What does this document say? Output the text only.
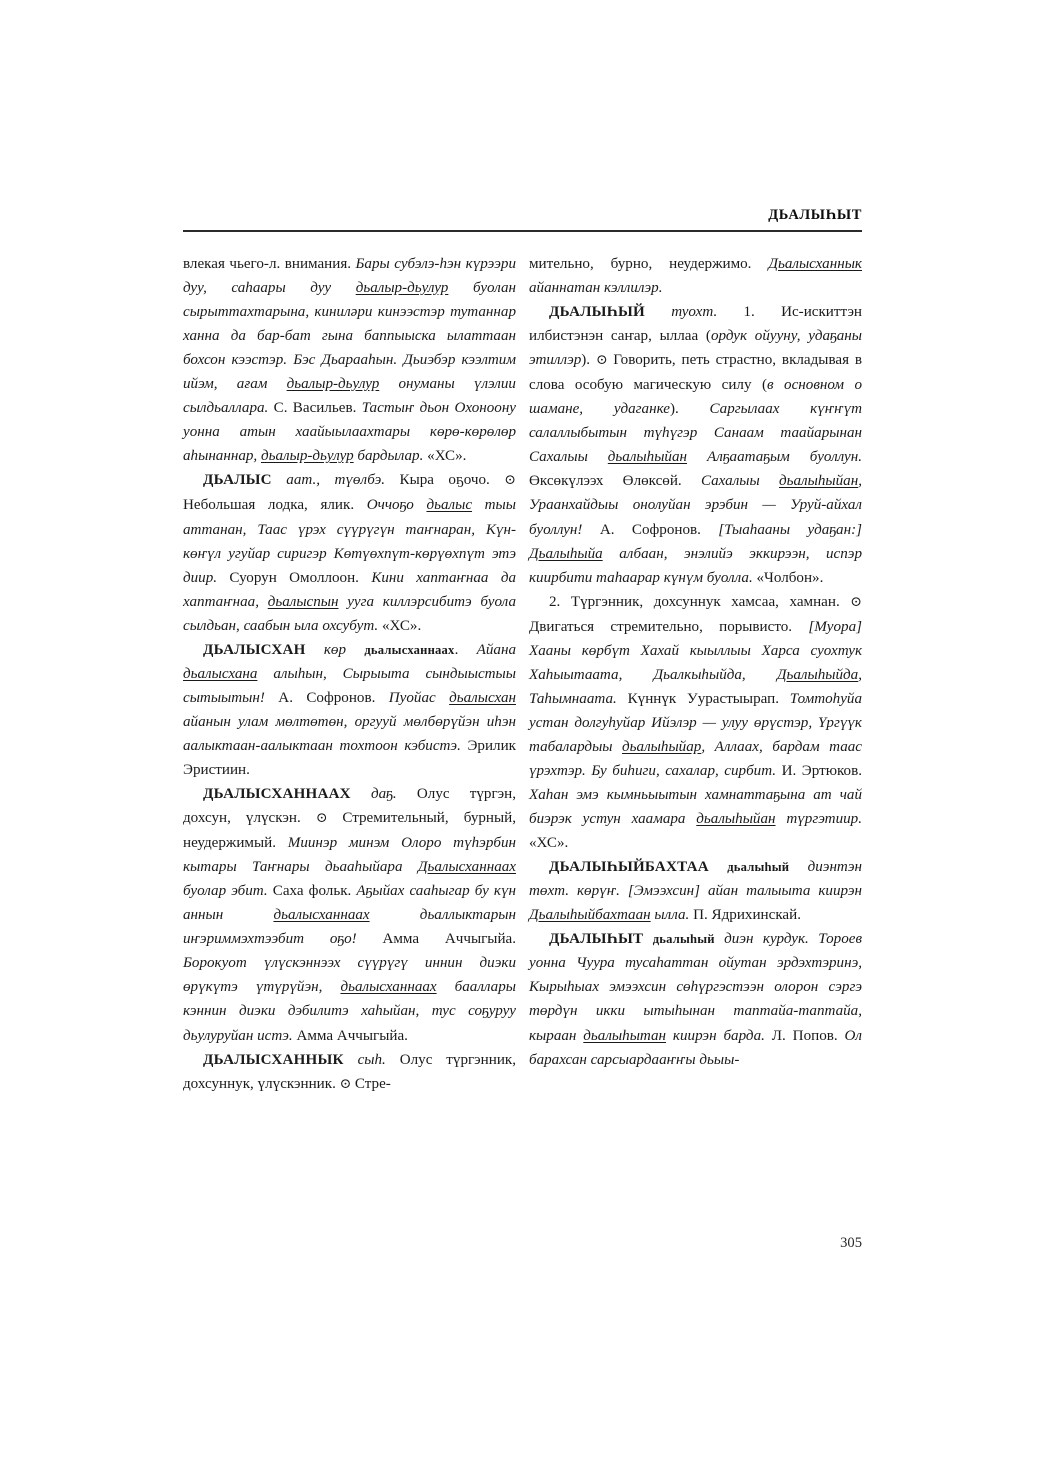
ДЬАЛЫҺЫТ
влекая чьего-л. внимания. Бары субэлэ-һэн күрээри дуу, саһаары дуу дьалыр-дьулур буолан сырыттахтарына, киниләри кинээстэр тутаннар ханна да бар-бат гына баппыыска ылаттаан бохсон кээстэр. Бэс Дьарааһын. Дьиэбэр кээлтим ийэм, ағам дьалыр-дьулур онуманы үлэлии сылдьаллара. С. Васильев. Тастыҥ дьон Охоноону уонна атын хаайыылаахтары көрө-көрөлөр аһынаннар, дьалыр-дьулур бардылар. «ХС».
ДЬАЛЫС аат., түөлбэ. Кыра оҕочо. ⊙ Небольшая лодка, ялик. Оччоҕо дьалыс тыы аттанан, Таас үрэх сүүрүгүн таҥнаран, Күн-көҥүл угуйар сиригэр Көтүөхпүт-көрүөхпүт этэ диир. Суорун Омоллоон. Кини хаптаҥнаа да хаптаҥнаа, дьалыспын ууга киллэрсибитэ буола сылдьан, саабын ыла охсубут. «ХС».
ДЬАЛЫСХАН көр дьалысханнаах. Айана дьалысхана алыһын, Сырыыта сындыыстыы сытыытын! А. Софронов. Пуойас дьалысхан айанын улам мөлтөтөн, оргууй мөлбөрүйэн иһэн аалыктаан-аалыктаан тохтоон кэбистэ. Эрилик Эристиин.
ДЬАЛЫСХАННААХ даҕ. Олус түргэн, дохсун, үлүскэн. ⊙ Стремительный, бурный, неудержимый. Миинэр минэм Олоро түһэрбин кытары Таҥнары дьааһыйара Дьалысханнаах буолар эбит. Саха фольк. Аҕыйах сааһыгар бу күн аннын дьалысханнаах дьаллыктарын иҥэриммэхтээбит оҕо! Амма Аччыгыйа. Борокуот үлүскэннээх сүүрүгү иннин диэки өрүкүтэ үтүрүйэн, дьалысханнаах бааллары кэннин диэки дэбилитэ хаһыйан, тус соҕуруу дьулуруйан истэ. Амма Аччыгыйа.
ДЬАЛЫСХАННЫК сыһ. Олус түргэнник, дохсуннук, үлүскэнник. ⊙ Стре-
мительно, бурно, неудержимо. Дьалысханнык айаннатан кэллилэр.
ДЬАЛЫҺЫЙ туохт. 1. Ис-искиттэн илбистэнэн саҥар, ыллаа (ордук ойууну, удаҕаны этиллэр). ⊙ Говорить, петь страстно, вкладывая в слова особую магическую силу (в основном о шамане, удаганке). Саргылаах күҥҥүт салаллыбытын түһүгэр Санаам таайарынан Сахалыы дьалыһыйан Алҕаатаҕым буоллун. Өксөкүлээх Өлөксөй. Сахалыы дьалыһыйан, Ураанхайдыы онолуйан эрэбин — Уруй-айхал буоллун! А. Софронов. [Тыаһааны удаҕан:] Дьалыһыйа албаан, энэлийэ эккирээн, испэр киирбити таһаарар күнүм буолла. «Чолбон».
2. Түргэнник, дохсуннук хамсаа, хамнан. ⊙ Двигаться стремительно, порывисто. [Муора] Хааны көрбүт Хахай кыыллыы Харса суохтук Хаһыытаата, Дьалкыһыйда, Дьалыһыйда, Таһымнаата. Күннүк Уурастыырап. Томтоһуйа устан долгуһуйар Ийэлэр — улуу өрүстэр, Үргүүк табалардыы дьалыһыйар, Аллаах, бардам таас үрэхтэр. Бу биһиги, сахалар, сирбит. И. Эртюков. Хаһан эмэ кымньыытын хамнаттаҕына ат чай биэрэк устун хаамара дьалыһыйан түргэтиир. «ХС».
ДЬАЛЫҺЫЙБАХТАА дьалыһый диэнтэн төхт. көрүҥ. [Эмээхсин] айан талыыта киирэн Дьалыһыйбахтаан ылла. П. Ядрихинскай.
ДЬАЛЫҺЫТ дьалыһый диэн курдук. Тороев уонна Чуура тусаһаттан ойутан эрдэхтэринэ, Кырыһыах эмээхсин сөһүргэстээн олорон сэргэ төрдүн икки ытыһынан таптайа-таптайа, кыраан дьалыһытан киирэн барда. Л. Попов. Ол барахсан сарсыардааҥҥы дьыы-
305
